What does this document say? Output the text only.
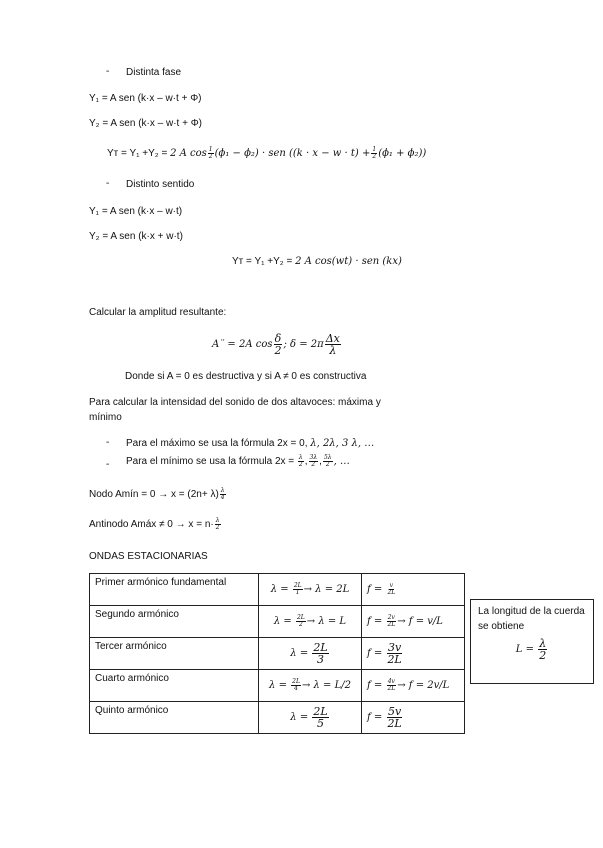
- Distinta fase
Y₁ = A sen (k·x – w·t + Φ)
Y₂ = A sen (k·x – w·t + Φ)
Yᴛ = Y₁ +Y₂ = 2 A $\cos \frac{1}{2} (\phi_1 - \phi_2)$ · sen $((k \cdot x - w \cdot t) + \frac{1}{2} (\phi_1 + \phi_2))$
- Distinto sentido
Y₁ = A sen (k·x – w·t)
Y₂ = A sen (k·x + w·t)
Yᴛ = Y₁ +Y₂ = 2 A cos(wt) · sen (kx)
Calcular la amplitud resultante:
A¨ = 2A $\cos \frac{\delta}{2}$ ; $\delta = 2\pi \frac{\Delta x}{\lambda}$
Donde si A = 0 es destructiva y si A ≠ 0 es constructiva
Para calcular la intensidad del sonido de dos altavoces: máxima y
mínimo
- Para el máximo se usa la fórmula 2x = 0, λ, 2λ, 3 λ, …
- Para el mínimo se usa la fórmula $2x = \frac{\lambda}{2}$ , $\frac{3\lambda}{2}$ , $\frac{5\lambda}{2}$ , …
Nodo Amín = $0 \to x = (2n+ \lambda) \frac{\lambda}{4}$
Antinodo Amáx ≠ $0 \to x = n\cdot \frac{\lambda}{2}$
ONDAS ESTACIONARIAS
Primer armónico fundamental	$\lambda = \frac{2L}{1} \to \lambda = 2L$	$f = \frac{v}{2L}$

Segundo armónico	$\lambda = \frac{2L}{2} \to \lambda = L$	$f = \frac{2v}{2L} \to f = v/L$
Tercer armónico	$\lambda = \frac{2L}{3}$	$f = \frac{3v}{2L}$

Cuarto armónico	$\lambda = \frac{2L}{4} \to \lambda = L/2$	$f = \frac{4v}{2L} \to f = 2v/L$
Quinto armónico	$\lambda = \frac{2L}{5}$	$f = \frac{5v}{2L}$
La longitud de la cuerda se obtiene
$L = \frac{\lambda}{2}$
